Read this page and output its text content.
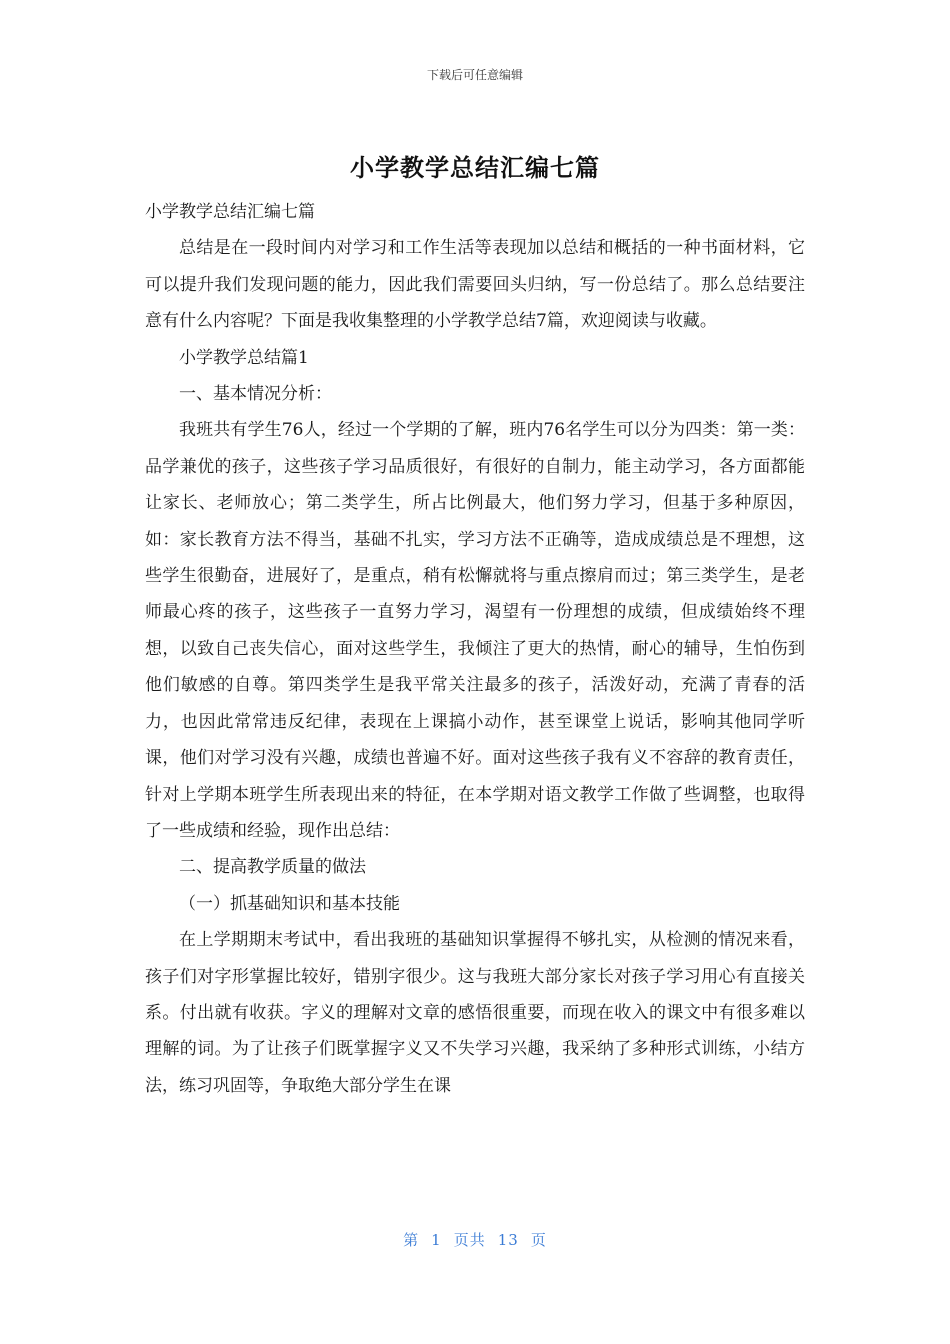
下载后可任意编辑
小学教学总结汇编七篇

小学教学总结汇编七篇

总结是在一段时间内对学习和工作生活等表现加以总结和概括的一种书面材料，它可以提升我们发现问题的能力，因此我们需要回头归纳，写一份总结了。那么总结要注意有什么内容呢？下面是我收集整理的小学教学总结7篇，欢迎阅读与收藏。

小学教学总结篇1

一、基本情况分析：

我班共有学生76人，经过一个学期的了解，班内76名学生可以分为四类：第一类：品学兼优的孩子，这些孩子学习品质很好，有很好的自制力，能主动学习，各方面都能让家长、老师放心；第二类学生，所占比例最大，他们努力学习，但基于多种原因，如：家长教育方法不得当，基础不扎实，学习方法不正确等，造成成绩总是不理想，这些学生很勤奋，进展好了，是重点，稍有松懈就将与重点擦肩而过；第三类学生，是老师最心疼的孩子，这些孩子一直努力学习，渴望有一份理想的成绩，但成绩始终不理想，以致自己丧失信心，面对这些学生，我倾注了更大的热情，耐心的辅导，生怕伤到他们敏感的自尊。第四类学生是我平常关注最多的孩子，活泼好动，充满了青春的活力，也因此常常违反纪律，表现在上课搞小动作，甚至课堂上说话，影响其他同学听课，他们对学习没有兴趣，成绩也普遍不好。面对这些孩子我有义不容辞的教育责任，针对上学期本班学生所表现出来的特征，在本学期对语文教学工作做了些调整，也取得了一些成绩和经验，现作出总结：

二、提高教学质量的做法

（一）抓基础知识和基本技能

在上学期期末考试中，看出我班的基础知识掌握得不够扎实，从检测的情况来看，孩子们对字形掌握比较好，错别字很少。这与我班大部分家长对孩子学习用心有直接关系。付出就有收获。字义的理解对文章的感悟很重要，而现在收入的课文中有很多难以理解的词。为了让孩子们既掌握字义又不失学习兴趣，我采纳了多种形式训练，小结方法，练习巩固等，争取绝大部分学生在课

第 1 页共 13 页
